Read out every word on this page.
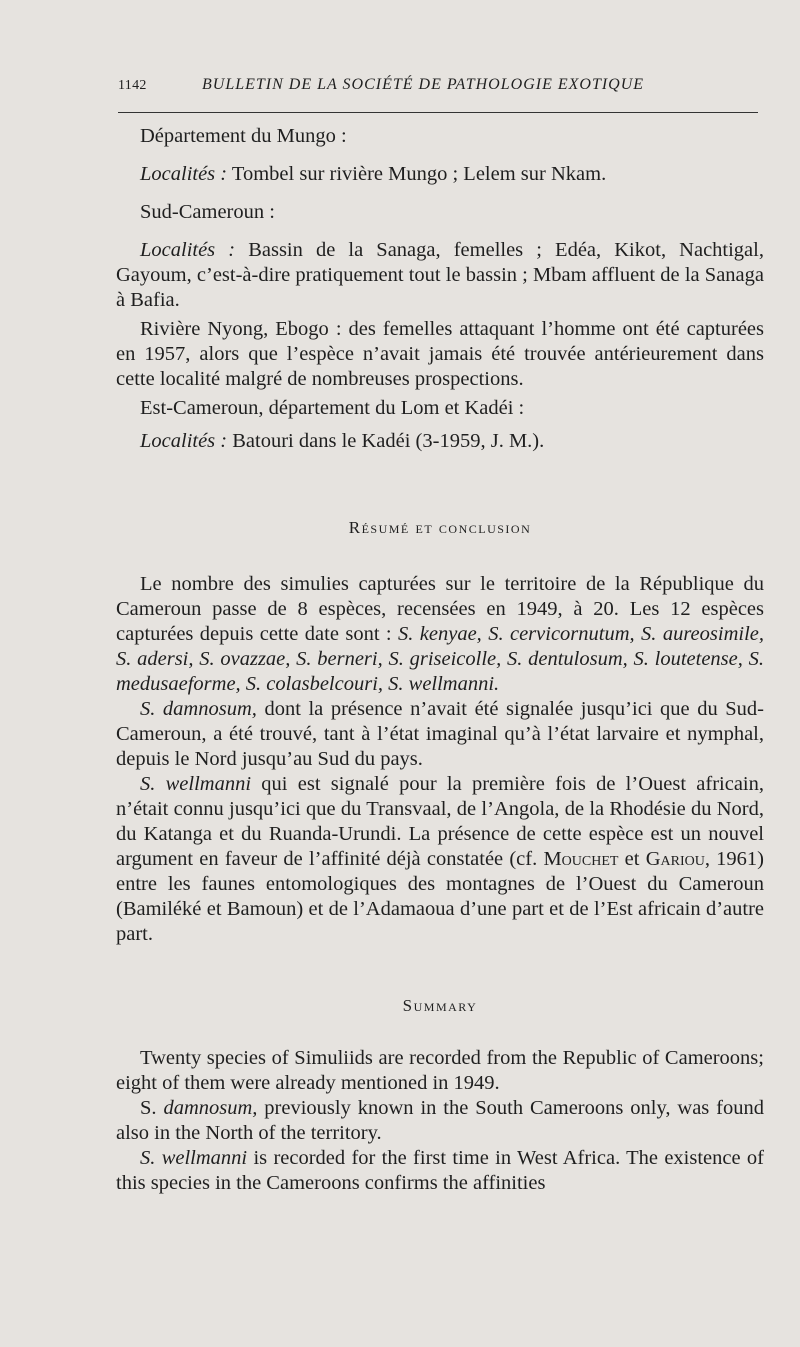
1142	BULLETIN DE LA SOCIÉTÉ DE PATHOLOGIE EXOTIQUE

Département du Mungo :

Localités : Tombel sur rivière Mungo ; Lelem sur Nkam.

Sud-Cameroun :

Localités : Bassin de la Sanaga, femelles ; Edéa, Kikot, Nachtigal, Gayoum, c’est-à-dire pratiquement tout le bassin ; Mbam affluent de la Sanaga à Bafia.

Rivière Nyong, Ebogo : des femelles attaquant l’homme ont été capturées en 1957, alors que l’espèce n’avait jamais été trouvée antérieurement dans cette localité malgré de nombreuses prospections.

Est-Cameroun, département du Lom et Kadéi :

Localités : Batouri dans le Kadéi (3-1959, J. M.).

Résumé et conclusion

Le nombre des simulies capturées sur le territoire de la République du Cameroun passe de 8 espèces, recensées en 1949, à 20. Les 12 espèces capturées depuis cette date sont : S. kenyae, S. cervicornutum, S. aureosimile, S. adersi, S. ovazzae, S. berneri, S. griseicolle, S. dentulosum, S. loutetense, S. medusaeforme, S. colasbelcouri, S. wellmanni.

S. damnosum, dont la présence n’avait été signalée jusqu’ici que du Sud-Cameroun, a été trouvé, tant à l’état imaginal qu’à l’état larvaire et nymphal, depuis le Nord jusqu’au Sud du pays.

S. wellmanni qui est signalé pour la première fois de l’Ouest africain, n’était connu jusqu’ici que du Transvaal, de l’Angola, de la Rhodésie du Nord, du Katanga et du Ruanda-Urundi. La présence de cette espèce est un nouvel argument en faveur de l’affinité déjà constatée (cf. Mouchet et Gariou, 1961) entre les faunes entomologiques des montagnes de l’Ouest du Cameroun (Bamiléké et Bamoun) et de l’Adamaoua d’une part et de l’Est africain d’autre part.

Summary

Twenty species of Simuliids are recorded from the Republic of Cameroons; eight of them were already mentioned in 1949.

S. damnosum, previously known in the South Cameroons only, was found also in the North of the territory.

S. wellmanni is recorded for the first time in West Africa. The existence of this species in the Cameroons confirms the affinities
